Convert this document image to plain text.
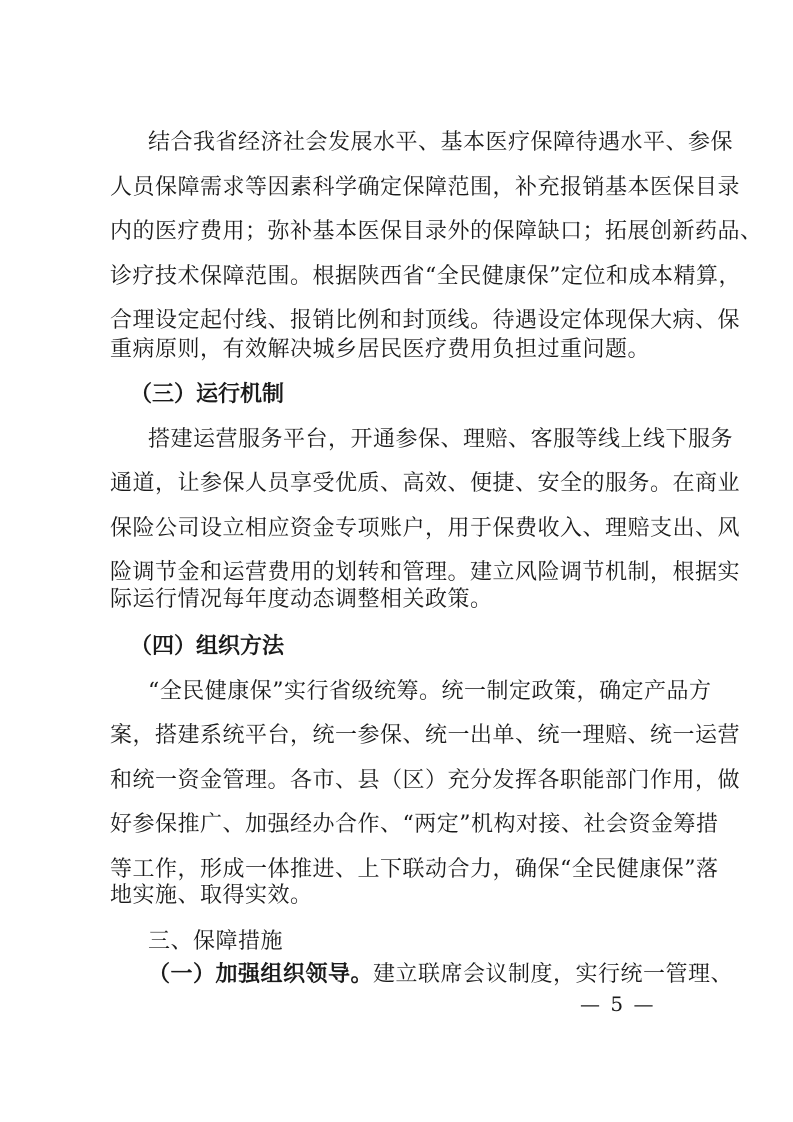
结合我省经济社会发展水平、基本医疗保障待遇水平、参保
人员保障需求等因素科学确定保障范围，补充报销基本医保目录
内的医疗费用；弥补基本医保目录外的保障缺口；拓展创新药品、
诊疗技术保障范围。根据陕西省“全民健康保”定位和成本精算，
合理设定起付线、报销比例和封顶线。待遇设定体现保大病、保
重病原则，有效解决城乡居民医疗费用负担过重问题。
（三）运行机制
搭建运营服务平台，开通参保、理赔、客服等线上线下服务
通道，让参保人员享受优质、高效、便捷、安全的服务。在商业
保险公司设立相应资金专项账户，用于保费收入、理赔支出、风
险调节金和运营费用的划转和管理。建立风险调节机制，根据实
际运行情况每年度动态调整相关政策。
（四）组织方法
“全民健康保”实行省级统筹。统一制定政策，确定产品方
案，搭建系统平台，统一参保、统一出单、统一理赔、统一运营
和统一资金管理。各市、县（区）充分发挥各职能部门作用，做
好参保推广、加强经办合作、“两定”机构对接、社会资金筹措
等工作，形成一体推进、上下联动合力，确保“全民健康保”落
地实施、取得实效。
三、保障措施
（一）加强组织领导。建立联席会议制度，实行统一管理、
— 5 —
